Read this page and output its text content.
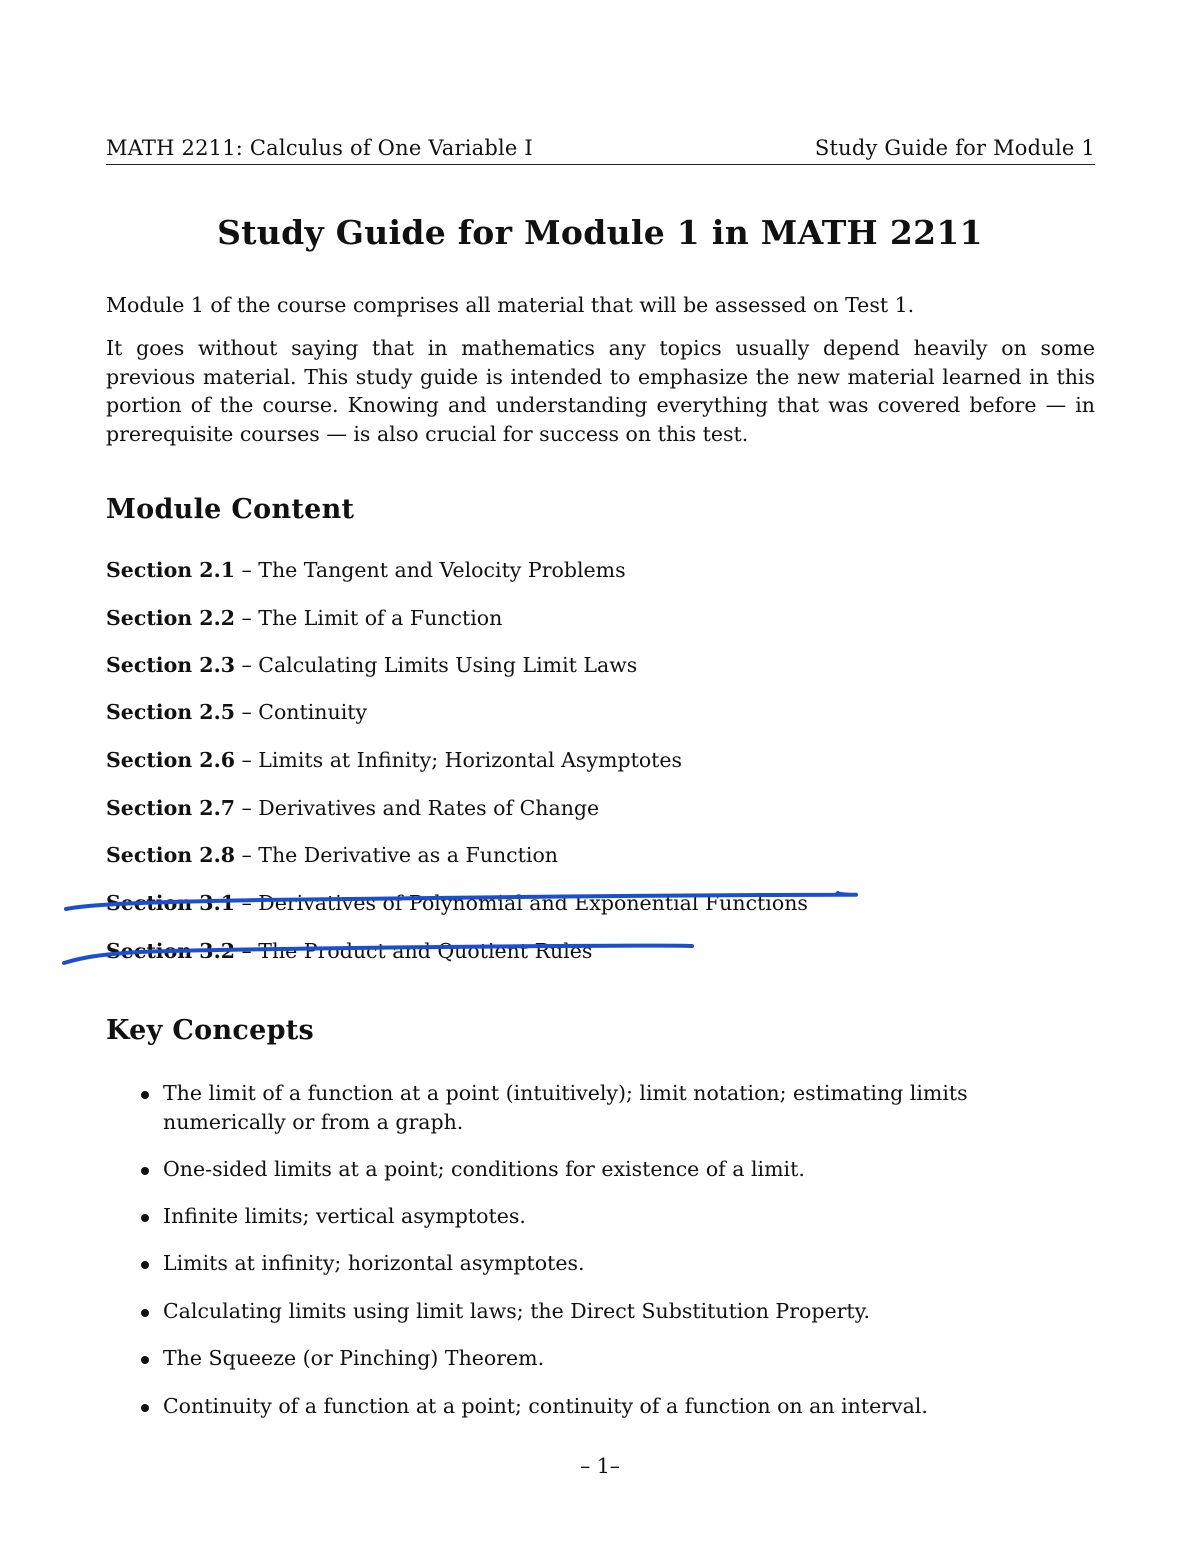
MATH 2211: Calculus of One Variable I	Study Guide for Module 1
Study Guide for Module 1 in MATH 2211
Module 1 of the course comprises all material that will be assessed on Test 1.
It goes without saying that in mathematics any topics usually depend heavily on some previous material. This study guide is intended to emphasize the new material learned in this portion of the course. Knowing and understanding everything that was covered before — in prerequisite courses — is also crucial for success on this test.
Module Content
Section 2.1 – The Tangent and Velocity Problems
Section 2.2 – The Limit of a Function
Section 2.3 – Calculating Limits Using Limit Laws
Section 2.5 – Continuity
Section 2.6 – Limits at Infinity; Horizontal Asymptotes
Section 2.7 – Derivatives and Rates of Change
Section 2.8 – The Derivative as a Function
Section 3.1 – Derivatives of Polynomial and Exponential Functions
Section 3.2 – The Product and Quotient Rules
Key Concepts
The limit of a function at a point (intuitively); limit notation; estimating limits numerically or from a graph.
One-sided limits at a point; conditions for existence of a limit.
Infinite limits; vertical asymptotes.
Limits at infinity; horizontal asymptotes.
Calculating limits using limit laws; the Direct Substitution Property.
The Squeeze (or Pinching) Theorem.
Continuity of a function at a point; continuity of a function on an interval.
– 1–
